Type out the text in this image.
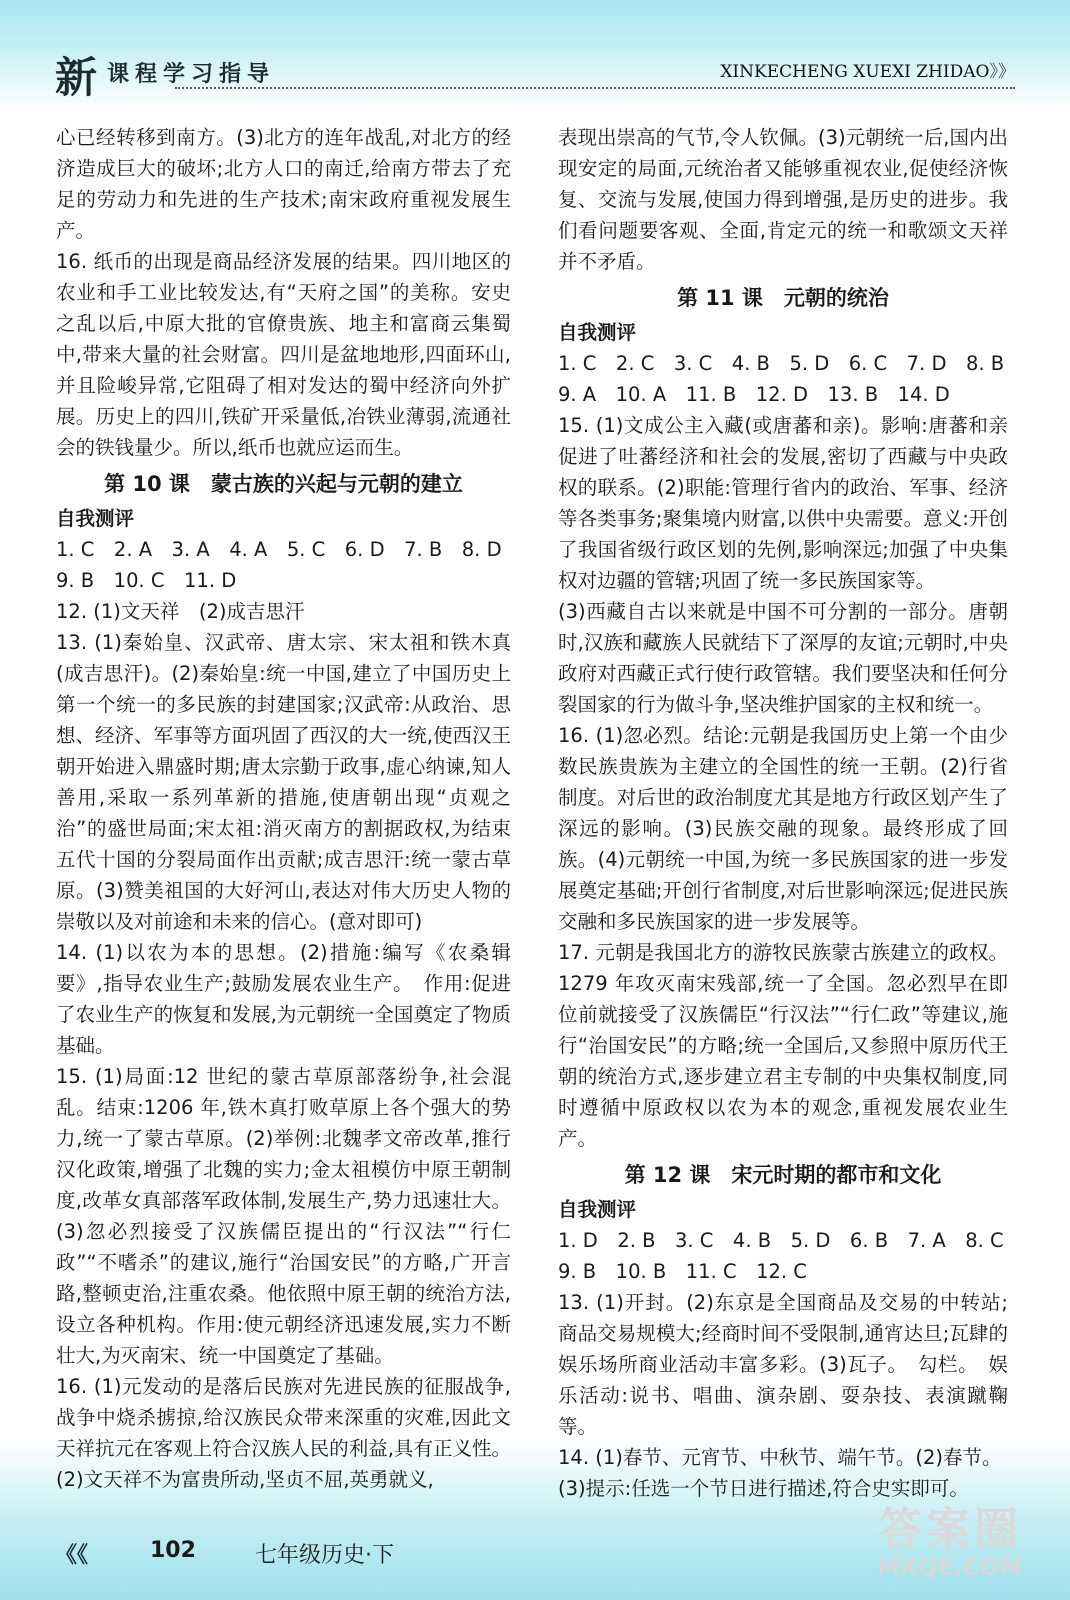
新 课程学习指导	XINKECHENG XUEXI ZHIDAO》》

心已经转移到南方。(3)北方的连年战乱,对北方的经济造成巨大的破坏;北方人口的南迁,给南方带去了充足的劳动力和先进的生产技术;南宋政府重视发展生产。

16. 纸币的出现是商品经济发展的结果。四川地区的农业和手工业比较发达,有“天府之国”的美称。安史之乱以后,中原大批的官僚贵族、地主和富商云集蜀中,带来大量的社会财富。四川是盆地地形,四面环山,并且险峻异常,它阻碍了相对发达的蜀中经济向外扩展。历史上的四川,铁矿开采量低,冶铁业薄弱,流通社会的铁钱量少。所以,纸币也就应运而生。

第 10 课　蒙古族的兴起与元朝的建立

自我测评

1. C　2. A　3. A　4. A　5. C　6. D　7. B　8. D

9. B　10. C　11. D

12. (1)文天祥　(2)成吉思汗

13. (1)秦始皇、汉武帝、唐太宗、宋太祖和铁木真(成吉思汗)。(2)秦始皇:统一中国,建立了中国历史上第一个统一的多民族的封建国家;汉武帝:从政治、思想、经济、军事等方面巩固了西汉的大一统,使西汉王朝开始进入鼎盛时期;唐太宗勤于政事,虚心纳谏,知人善用,采取一系列革新的措施,使唐朝出现“贞观之治”的盛世局面;宋太祖:消灭南方的割据政权,为结束五代十国的分裂局面作出贡献;成吉思汗:统一蒙古草原。(3)赞美祖国的大好河山,表达对伟大历史人物的崇敬以及对前途和未来的信心。(意对即可)

14. (1)以农为本的思想。(2)措施:编写《农桑辑要》,指导农业生产;鼓励发展农业生产。　作用:促进了农业生产的恢复和发展,为元朝统一全国奠定了物质基础。

15. (1)局面:12 世纪的蒙古草原部落纷争,社会混乱。结束:1206 年,铁木真打败草原上各个强大的势力,统一了蒙古草原。(2)举例:北魏孝文帝改革,推行汉化政策,增强了北魏的实力;金太祖模仿中原王朝制度,改革女真部落军政体制,发展生产,势力迅速壮大。(3)忽必烈接受了汉族儒臣提出的“行汉法”“行仁政”“不嗜杀”的建议,施行“治国安民”的方略,广开言路,整顿吏治,注重农桑。他依照中原王朝的统治方法,设立各种机构。作用:使元朝经济迅速发展,实力不断壮大,为灭南宋、统一中国奠定了基础。

16. (1)元发动的是落后民族对先进民族的征服战争,战争中烧杀掳掠,给汉族民众带来深重的灾难,因此文天祥抗元在客观上符合汉族人民的利益,具有正义性。(2)文天祥不为富贵所动,坚贞不屈,英勇就义,

表现出崇高的气节,令人钦佩。(3)元朝统一后,国内出现安定的局面,元统治者又能够重视农业,促使经济恢复、交流与发展,使国力得到增强,是历史的进步。我们看问题要客观、全面,肯定元的统一和歌颂文天祥并不矛盾。

第 11 课　元朝的统治

自我测评

1. C　2. C　3. C　4. B　5. D　6. C　7. D　8. B

9. A　10. A　11. B　12. D　13. B　14. D

15. (1)文成公主入藏(或唐蕃和亲)。影响:唐蕃和亲促进了吐蕃经济和社会的发展,密切了西藏与中央政权的联系。(2)职能:管理行省内的政治、军事、经济等各类事务;聚集境内财富,以供中央需要。意义:开创了我国省级行政区划的先例,影响深远;加强了中央集权对边疆的管辖;巩固了统一多民族国家等。

(3)西藏自古以来就是中国不可分割的一部分。唐朝时,汉族和藏族人民就结下了深厚的友谊;元朝时,中央政府对西藏正式行使行政管辖。我们要坚决和任何分裂国家的行为做斗争,坚决维护国家的主权和统一。

16. (1)忽必烈。结论:元朝是我国历史上第一个由少数民族贵族为主建立的全国性的统一王朝。(2)行省制度。对后世的政治制度尤其是地方行政区划产生了深远的影响。(3)民族交融的现象。最终形成了回族。(4)元朝统一中国,为统一多民族国家的进一步发展奠定基础;开创行省制度,对后世影响深远;促进民族交融和多民族国家的进一步发展等。

17. 元朝是我国北方的游牧民族蒙古族建立的政权。1279 年攻灭南宋残部,统一了全国。忽必烈早在即位前就接受了汉族儒臣“行汉法”“行仁政”等建议,施行“治国安民”的方略;统一全国后,又参照中原历代王朝的统治方式,逐步建立君主专制的中央集权制度,同时遵循中原政权以农为本的观念,重视发展农业生产。

第 12 课　宋元时期的都市和文化

自我测评

1. D　2. B　3. C　4. B　5. D　6. B　7. A　8. C

9. B　10. B　11. C　12. C

13. (1)开封。(2)东京是全国商品及交易的中转站;商品交易规模大;经商时间不受限制,通宵达旦;瓦肆的娱乐场所商业活动丰富多彩。(3)瓦子。　勾栏。　娱乐活动:说书、唱曲、演杂剧、耍杂技、表演蹴鞠等。

14. (1)春节、元宵节、中秋节、端午节。(2)春节。

(3)提示:任选一个节日进行描述,符合史实即可。

《《	102	七年级历史·下
答案圈
MXQE.COM
